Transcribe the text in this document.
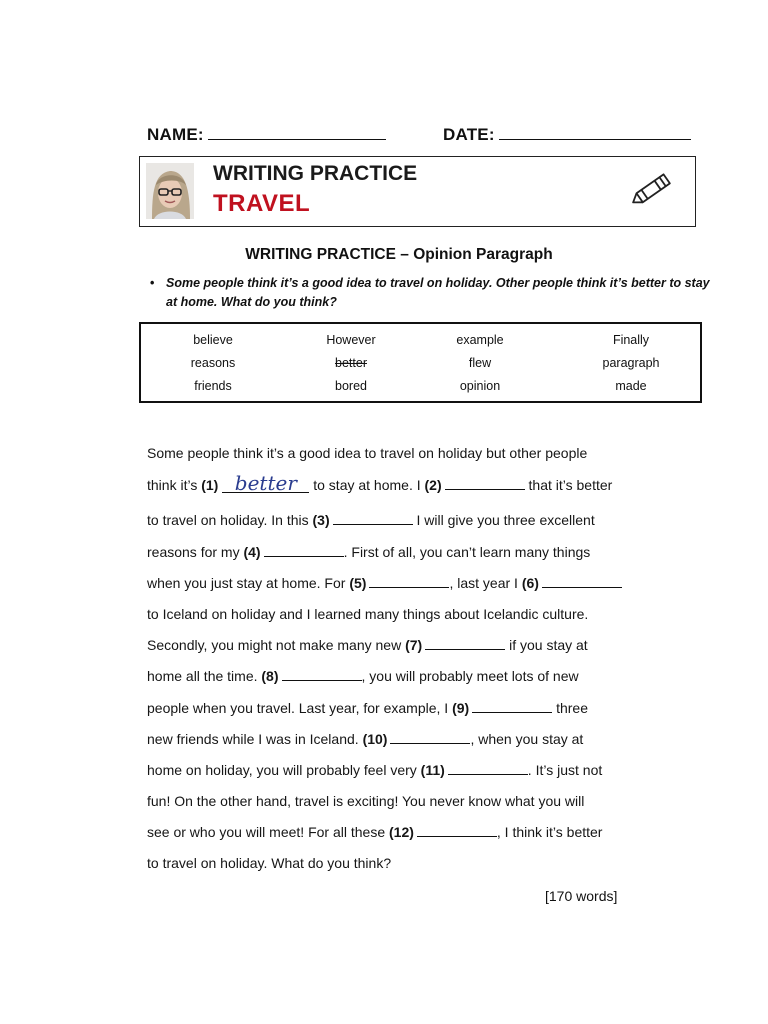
NAME:	DATE:
WRITING PRACTICE
TRAVEL
WRITING PRACTICE – Opinion Paragraph
• Some people think it’s a good idea to travel on holiday. Other people think it’s better to stay at home. What do you think?
believe	However	example	Finally
reasons	better	flew	paragraph
friends	bored	opinion	made
Some people think it’s a good idea to travel on holiday but other people
think it’s (1) better to stay at home. I (2)	that it’s better
to travel on holiday. In this (3)	I will give you three excellent
reasons for my (4)	. First of all, you can’t learn many things
when you just stay at home. For (5)	, last year I (6)
to Iceland on holiday and I learned many things about Icelandic culture.
Secondly, you might not make many new (7)	if you stay at
home all the time. (8)	, you will probably meet lots of new
people when you travel. Last year, for example, I (9)	three
new friends while I was in Iceland. (10)	, when you stay at
home on holiday, you will probably feel very (11)	. It’s just not
fun! On the other hand, travel is exciting! You never know what you will
see or who you will meet! For all these (12)	, I think it’s better
to travel on holiday. What do you think?
[170 words]
